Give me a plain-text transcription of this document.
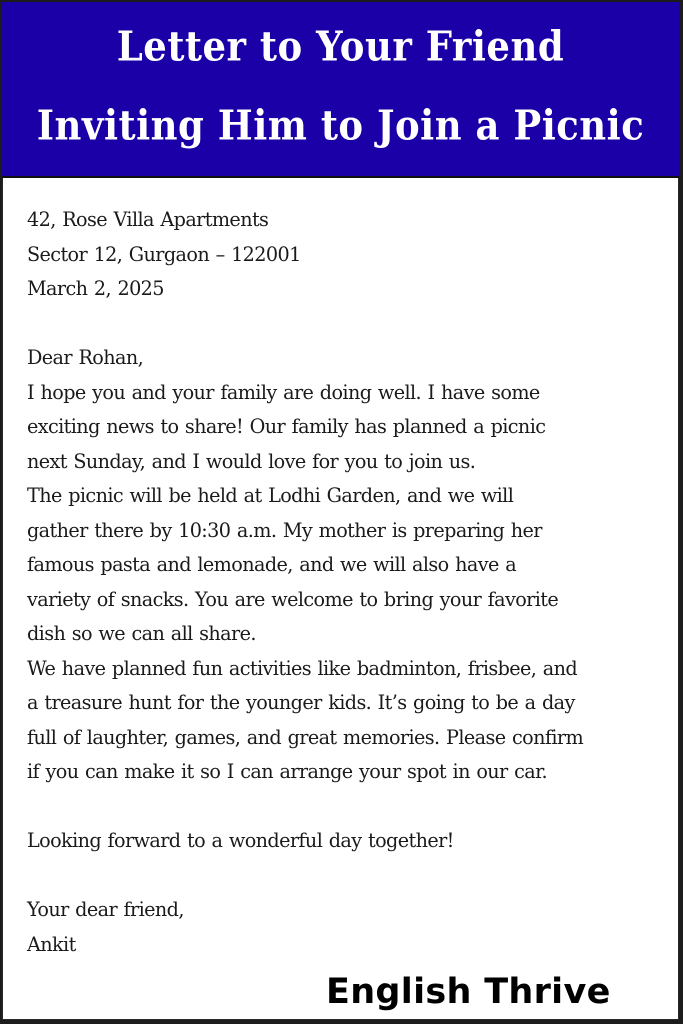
Letter to Your Friend
Inviting Him to Join a Picnic
42, Rose Villa Apartments
Sector 12, Gurgaon – 122001
March 2, 2025
Dear Rohan,
I hope you and your family are doing well. I have some
exciting news to share! Our family has planned a picnic
next Sunday, and I would love for you to join us.
The picnic will be held at Lodhi Garden, and we will
gather there by 10:30 a.m. My mother is preparing her
famous pasta and lemonade, and we will also have a
variety of snacks. You are welcome to bring your favorite
dish so we can all share.
We have planned fun activities like badminton, frisbee, and
a treasure hunt for the younger kids. It’s going to be a day
full of laughter, games, and great memories. Please confirm
if you can make it so I can arrange your spot in our car.
Looking forward to a wonderful day together!
Your dear friend,
Ankit
English Thrive
